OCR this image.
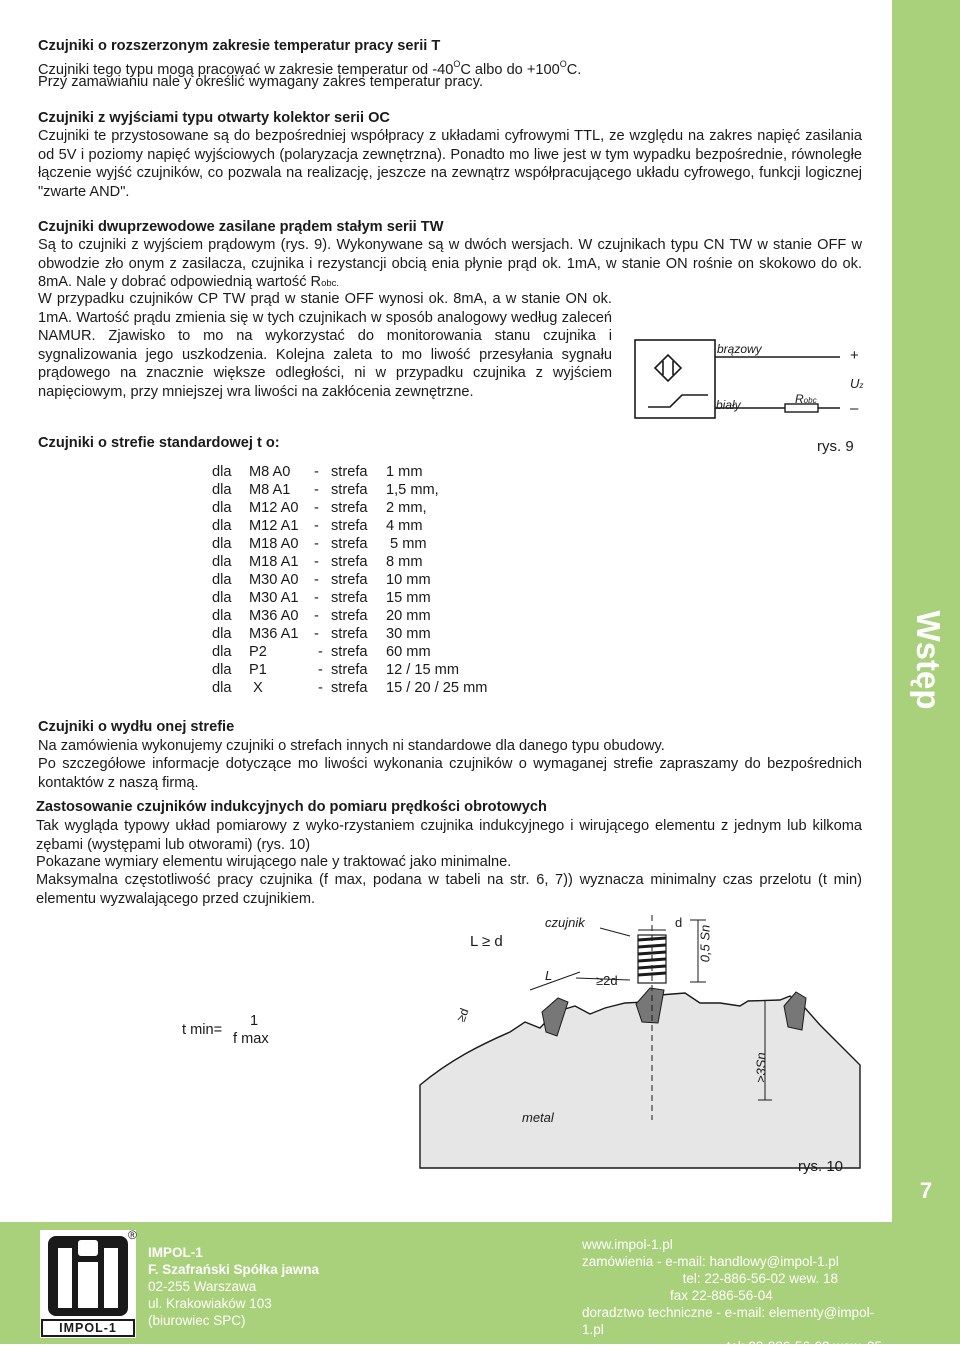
Czujniki o rozszerzonym zakresie temperatur pracy serii T
Czujniki tego typu mogą pracować w zakresie temperatur od $-40^OC$ albo do $+100^OC$.
Przy zamawianiu nale y określić wymagany zakres temperatur pracy.
Czujniki z wyjściami typu otwarty kolektor serii OC
Czujniki te przystosowane są do bezpośredniej współpracy z układami cyfrowymi TTL, ze względu na zakres napięć zasilania od 5V i poziomy napięć wyjściowych (polaryzacja zewnętrzna). Ponadto mo liwe jest w tym wypadku bezpośrednie, równoległe łączenie wyjść czujników, co pozwala na realizację, jeszcze na zewnątrz współpracującego układu cyfrowego, funkcji logicznej "zwarte AND".
Czujniki dwuprzewodowe zasilane prądem stałym serii TW
Są to czujniki z wyjściem prądowym (rys. 9). Wykonywane są w dwóch wersjach. W czujnikach typu CN TW w stanie OFF w obwodzie zło onym z zasilacza, czujnika i rezystancji obcią enia płynie prąd ok. 1mA, w stanie ON rośnie on skokowo do ok. 8mA. Nale y dobrać odpowiednią wartość Robc.
W przypadku czujników CP TW prąd w stanie OFF wynosi ok. 8mA, a w stanie ON ok. 1mA. Wartość prądu zmienia się w tych czujnikach w sposób analogowy według zaleceń NAMUR. Zjawisko to mo na wykorzystać do monitorowania stanu czujnika i sygnalizowania jego uszkodzenia. Kolejna zaleta to mo liwość przesyłania sygnału prądowego na znacznie większe odległości, ni w przypadku czujnika z wyjściem napięciowym, przy mniejszej wra liwości na zakłócenia zewnętrzne.
brązowy
biały
+
–
Uz
Robc
rys. 9
Czujniki o strefie standardowej t o:
dla	M8 A0	-	strefa	1 mm
dla	M8 A1	-	strefa	1,5 mm,
dla	M12 A0	-	strefa	2 mm,
dla	M12 A1	-	strefa	4 mm
dla	M18 A0	-	strefa	5 mm
dla	M18 A1	-	strefa	8 mm
dla	M30 A0	-	strefa	10 mm
dla	M30 A1	-	strefa	15 mm
dla	M36 A0	-	strefa	20 mm
dla	M36 A1	-	strefa	30 mm
dla	P2	-	strefa	60 mm
dla	P1	-	strefa	12 / 15 mm
dla	X	-	strefa	15 / 20 / 25 mm
Czujniki o wydłu onej strefie
Na zamówienia wykonujemy czujniki o strefach innych ni standardowe dla danego typu obudowy.
Po szczegółowe informacje dotyczące mo liwości wykonania czujników o wymaganej strefie zapraszamy do bezpośrednich kontaktów z naszą firmą.
Zastosowanie czujników indukcyjnych do pomiaru prędkości obrotowych
Tak wygląda typowy układ pomiarowy z wyko-rzystaniem czujnika indukcyjnego i wirującego elementu z jednym lub kilkoma zębami (występami lub otworami) (rys. 10)
Pokazane wymiary elementu wirującego nale y traktować jako minimalne.
Maksymalna częstotliwość pracy czujnika (f max, podana w tabeli na str. 6, 7)) wyznacza minimalny czas przelotu (t min) elementu wyzwalającego przed czujnikiem.
L ≥ d
czujnik	d
L	≥2d
≥d
0,5 Sn
≥3Sn
metal
rys. 10
t min=
1
f max
Wstęp
7
IMPOL-1
®
IMPOL-1
F. Szafrański Spółka jawna
02-255 Warszawa
ul. Krakowiaków 103
(biurowiec SPC)
www.impol-1.pl
zamówienia - e-mail: handlowy@impol-1.pl
tel: 22-886-56-02 wew. 18
fax 22-886-56-04
doradztwo techniczne - e-mail: elementy@impol-1.pl
tel: 22-886-56-02 wew. 25
